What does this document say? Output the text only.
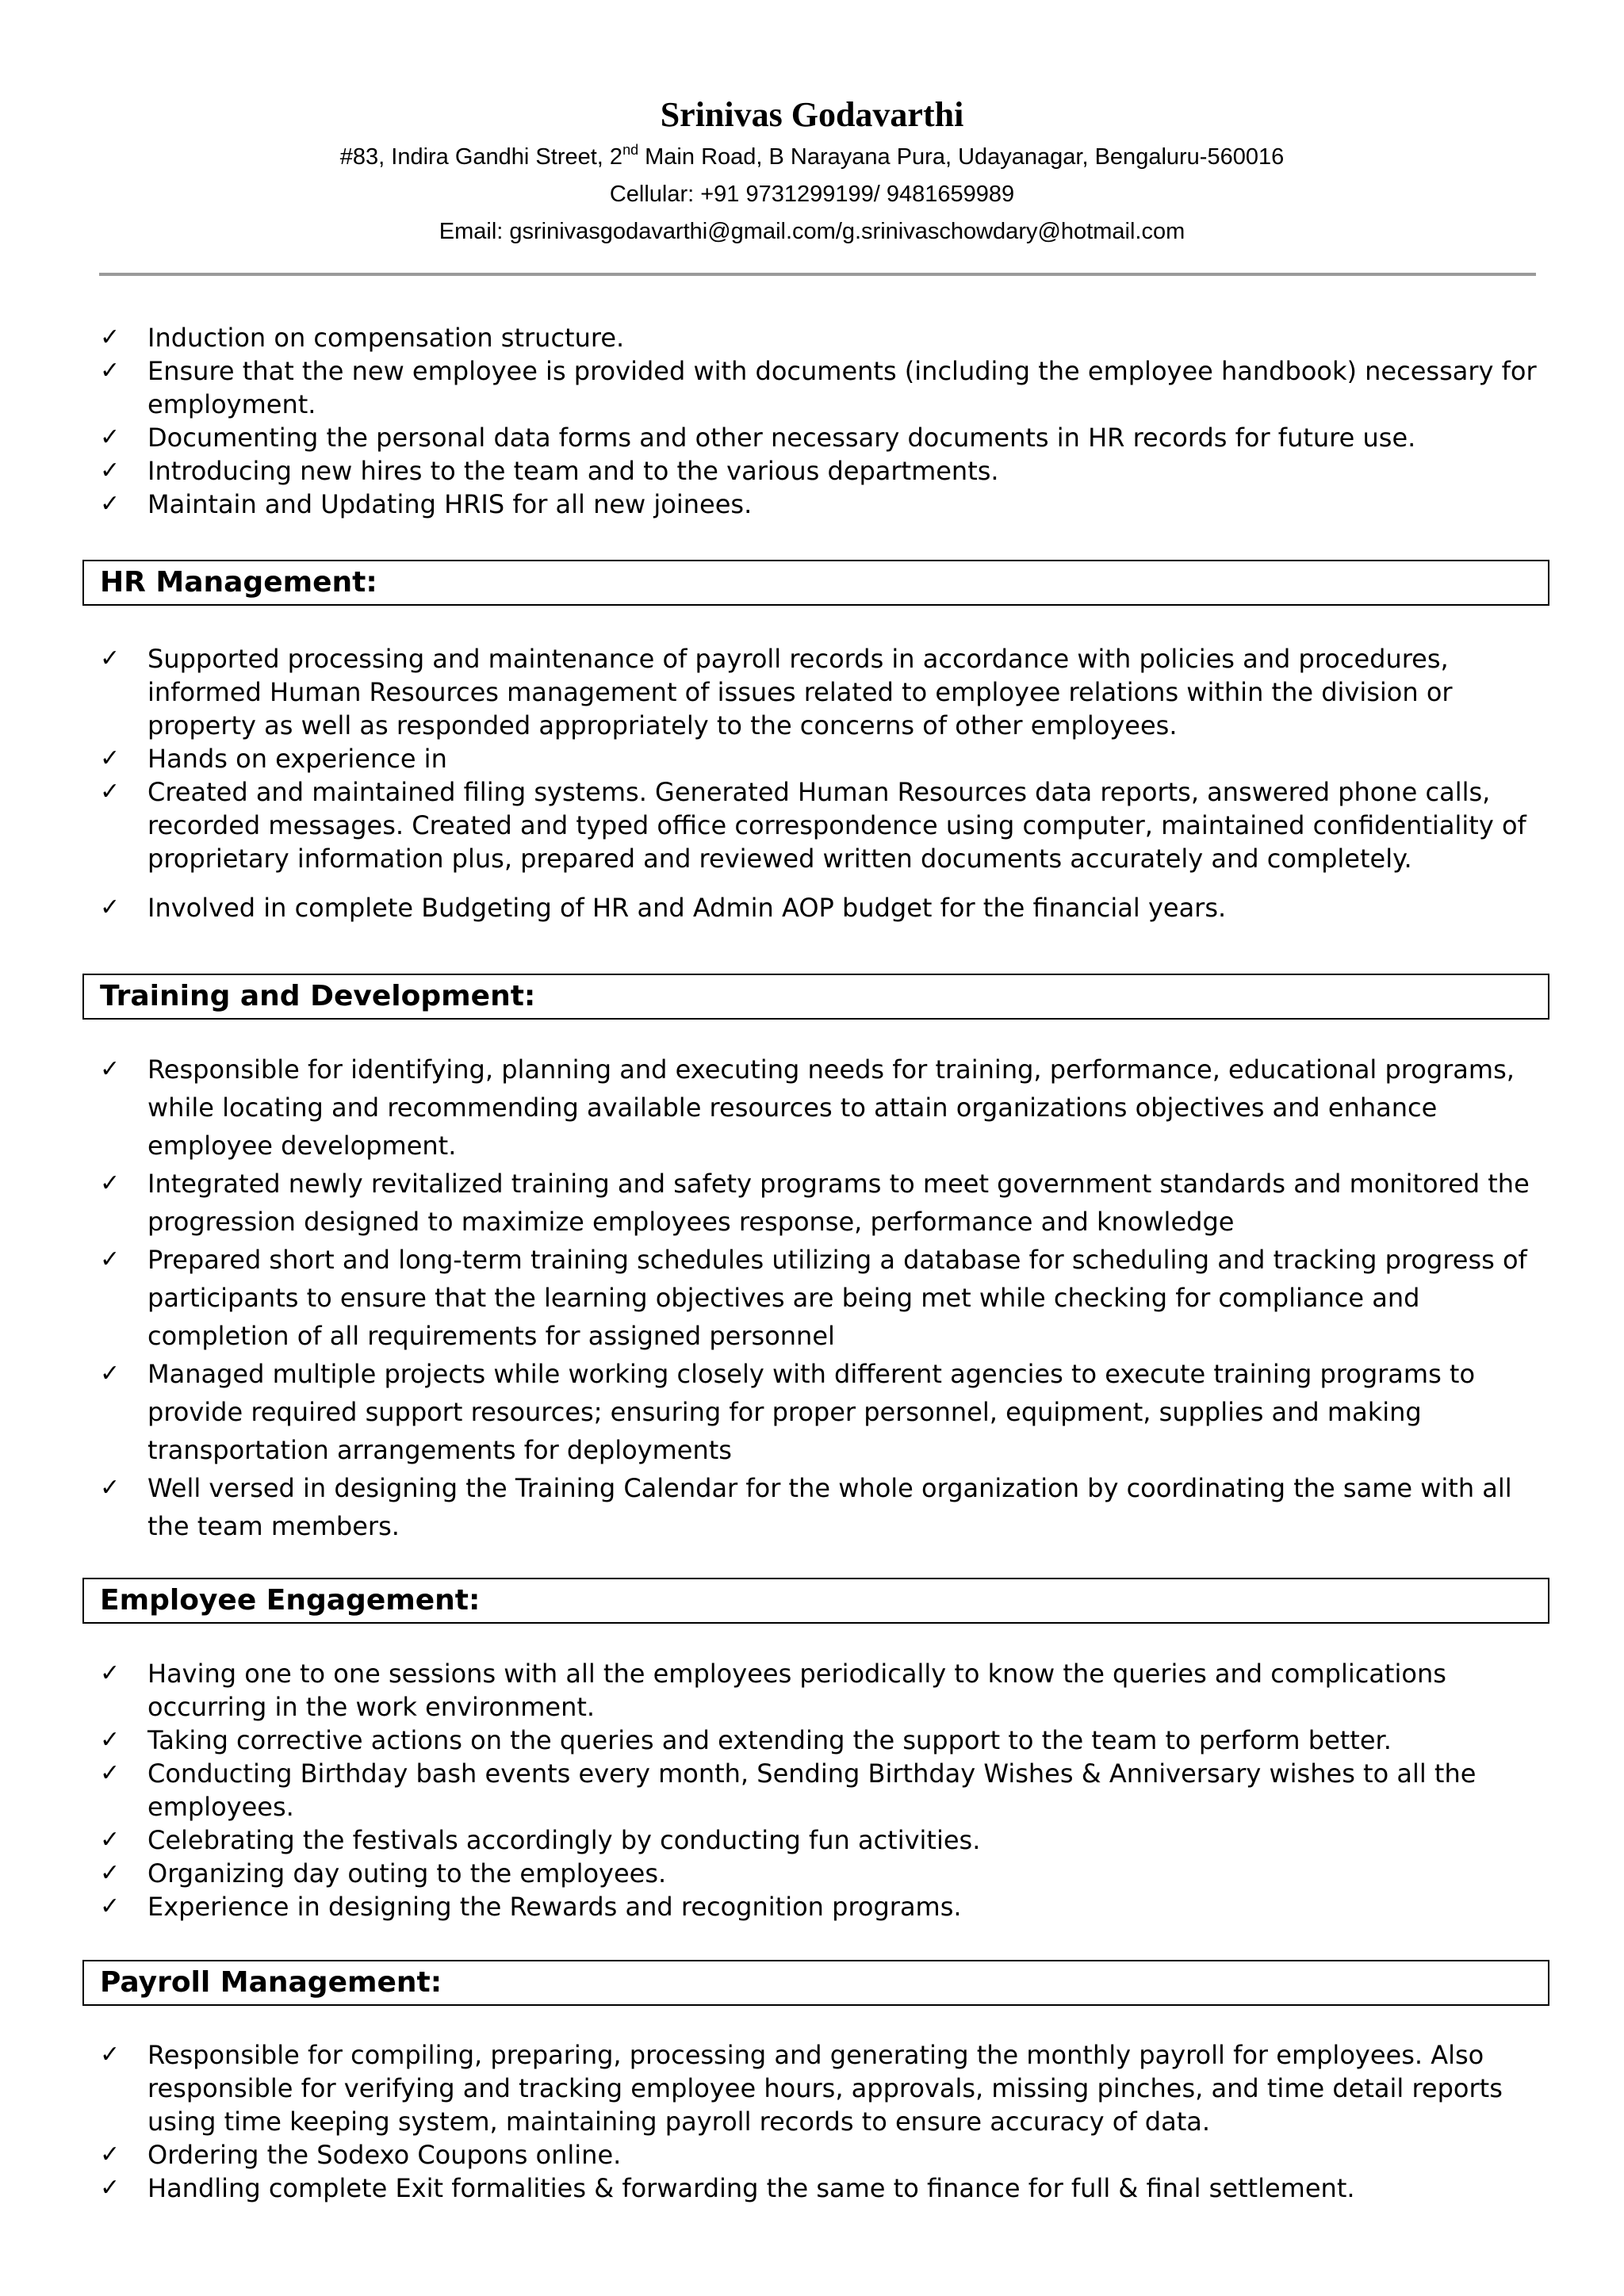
Srinivas Godavarthi
#83, Indira Gandhi Street, 2nd Main Road, B Narayana Pura, Udayanagar, Bengaluru-560016
Cellular: +91 9731299199/ 9481659989
Email: gsrinivasgodavarthi@gmail.com/g.srinivaschowdary@hotmail.com
✓ Induction on compensation structure.
✓ Ensure that the new employee is provided with documents (including the employee handbook) necessary for employment.
✓ Documenting the personal data forms and other necessary documents in HR records for future use.
✓ Introducing new hires to the team and to the various departments.
✓ Maintain and Updating HRIS for all new joinees.
HR Management:
✓ Supported processing and maintenance of payroll records in accordance with policies and procedures, informed Human Resources management of issues related to employee relations within the division or property as well as responded appropriately to the concerns of other employees.
✓ Hands on experience in
✓ Created and maintained filing systems. Generated Human Resources data reports, answered phone calls, recorded messages. Created and typed office correspondence using computer, maintained confidentiality of proprietary information plus, prepared and reviewed written documents accurately and completely.
✓ Involved in complete Budgeting of HR and Admin AOP budget for the financial years.
Training and Development:
✓ Responsible for identifying, planning and executing needs for training, performance, educational programs, while locating and recommending available resources to attain organizations objectives and enhance employee development.
✓ Integrated newly revitalized training and safety programs to meet government standards and monitored the progression designed to maximize employees response, performance and knowledge
✓ Prepared short and long-term training schedules utilizing a database for scheduling and tracking progress of participants to ensure that the learning objectives are being met while checking for compliance and completion of all requirements for assigned personnel
✓ Managed multiple projects while working closely with different agencies to execute training programs to provide required support resources; ensuring for proper personnel, equipment, supplies and making transportation arrangements for deployments
✓ Well versed in designing the Training Calendar for the whole organization by coordinating the same with all the team members.
Employee Engagement:
✓ Having one to one sessions with all the employees periodically to know the queries and complications occurring in the work environment.
✓ Taking corrective actions on the queries and extending the support to the team to perform better.
✓ Conducting Birthday bash events every month, Sending Birthday Wishes & Anniversary wishes to all the employees.
✓ Celebrating the festivals accordingly by conducting fun activities.
✓ Organizing day outing to the employees.
✓ Experience in designing the Rewards and recognition programs.
Payroll Management:
✓ Responsible for compiling, preparing, processing and generating the monthly payroll for employees. Also responsible for verifying and tracking employee hours, approvals, missing pinches, and time detail reports using time keeping system, maintaining payroll records to ensure accuracy of data.
✓ Ordering the Sodexo Coupons online.
✓ Handling complete Exit formalities & forwarding the same to finance for full & final settlement.
